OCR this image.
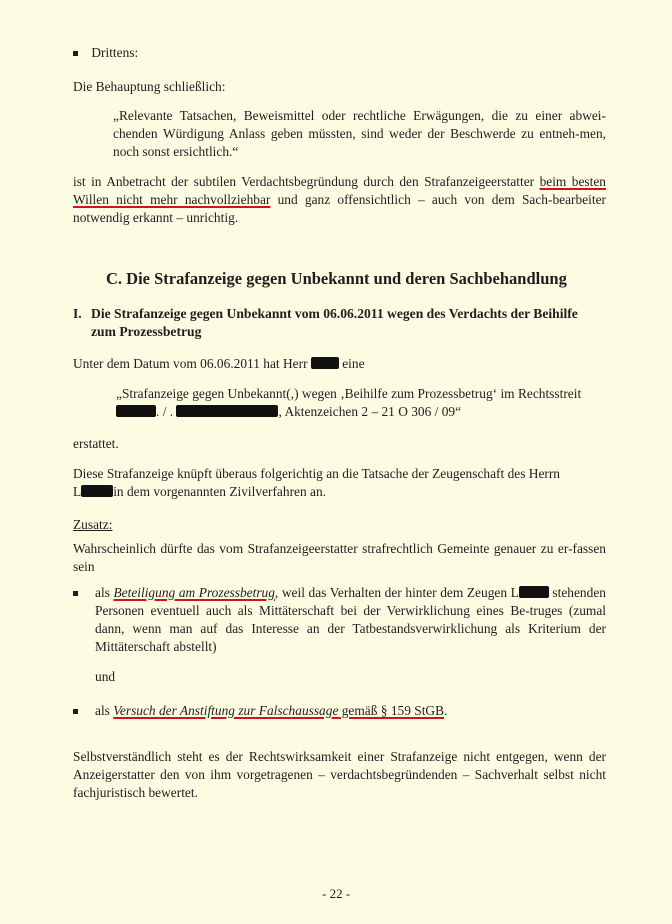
Drittens:

Die Behauptung schließlich:

„Relevante Tatsachen, Beweismittel oder rechtliche Erwägungen, die zu einer abwei-chenden Würdigung Anlass geben müssten, sind weder der Beschwerde zu entneh-men, noch sonst ersichtlich.“

ist in Anbetracht der subtilen Verdachtsbegründung durch den Strafanzeigeerstatter beim besten Willen nicht mehr nachvollziehbar und ganz offensichtlich – auch von dem Sach-bearbeiter notwendig erkannt – unrichtig.

C. Die Strafanzeige gegen Unbekannt und deren Sachbehandlung

I. Die Strafanzeige gegen Unbekannt vom 06.06.2011 wegen des Verdachts der Beihilfe zum Prozessbetrug

Unter dem Datum vom 06.06.2011 hat Herr  eine

„Strafanzeige gegen Unbekannt(,) wegen ‚Beihilfe zum Prozessbetrug‘ im Rechtsstreit
. / .	, Aktenzeichen 2 – 21 O 306 / 09“

erstattet.

Diese Strafanzeige knüpft überaus folgerichtig an die Tatsache der Zeugenschaft des Herrn
L in dem vorgenannten Zivilverfahren an.

Zusatz:

Wahrscheinlich dürfte das vom Strafanzeigeerstatter strafrechtlich Gemeinte genauer zu er-fassen sein

als Beteiligung am Prozessbetrug, weil das Verhalten der hinter dem Zeugen L	stehenden Personen eventuell auch als Mittäterschaft bei der Verwirklichung eines Be-truges (zumal dann, wenn man auf das Interesse an der Tatbestandsverwirklichung als Kriterium der Mittäterschaft abstellt)

und

als Versuch der Anstiftung zur Falschaussage gemäß § 159 StGB.

Selbstverständlich steht es der Rechtswirksamkeit einer Strafanzeige nicht entgegen, wenn der Anzeigerstatter den von ihm vorgetragenen – verdachtsbegründenden – Sachverhalt selbst nicht fachjuristisch bewertet.

- 22 -
